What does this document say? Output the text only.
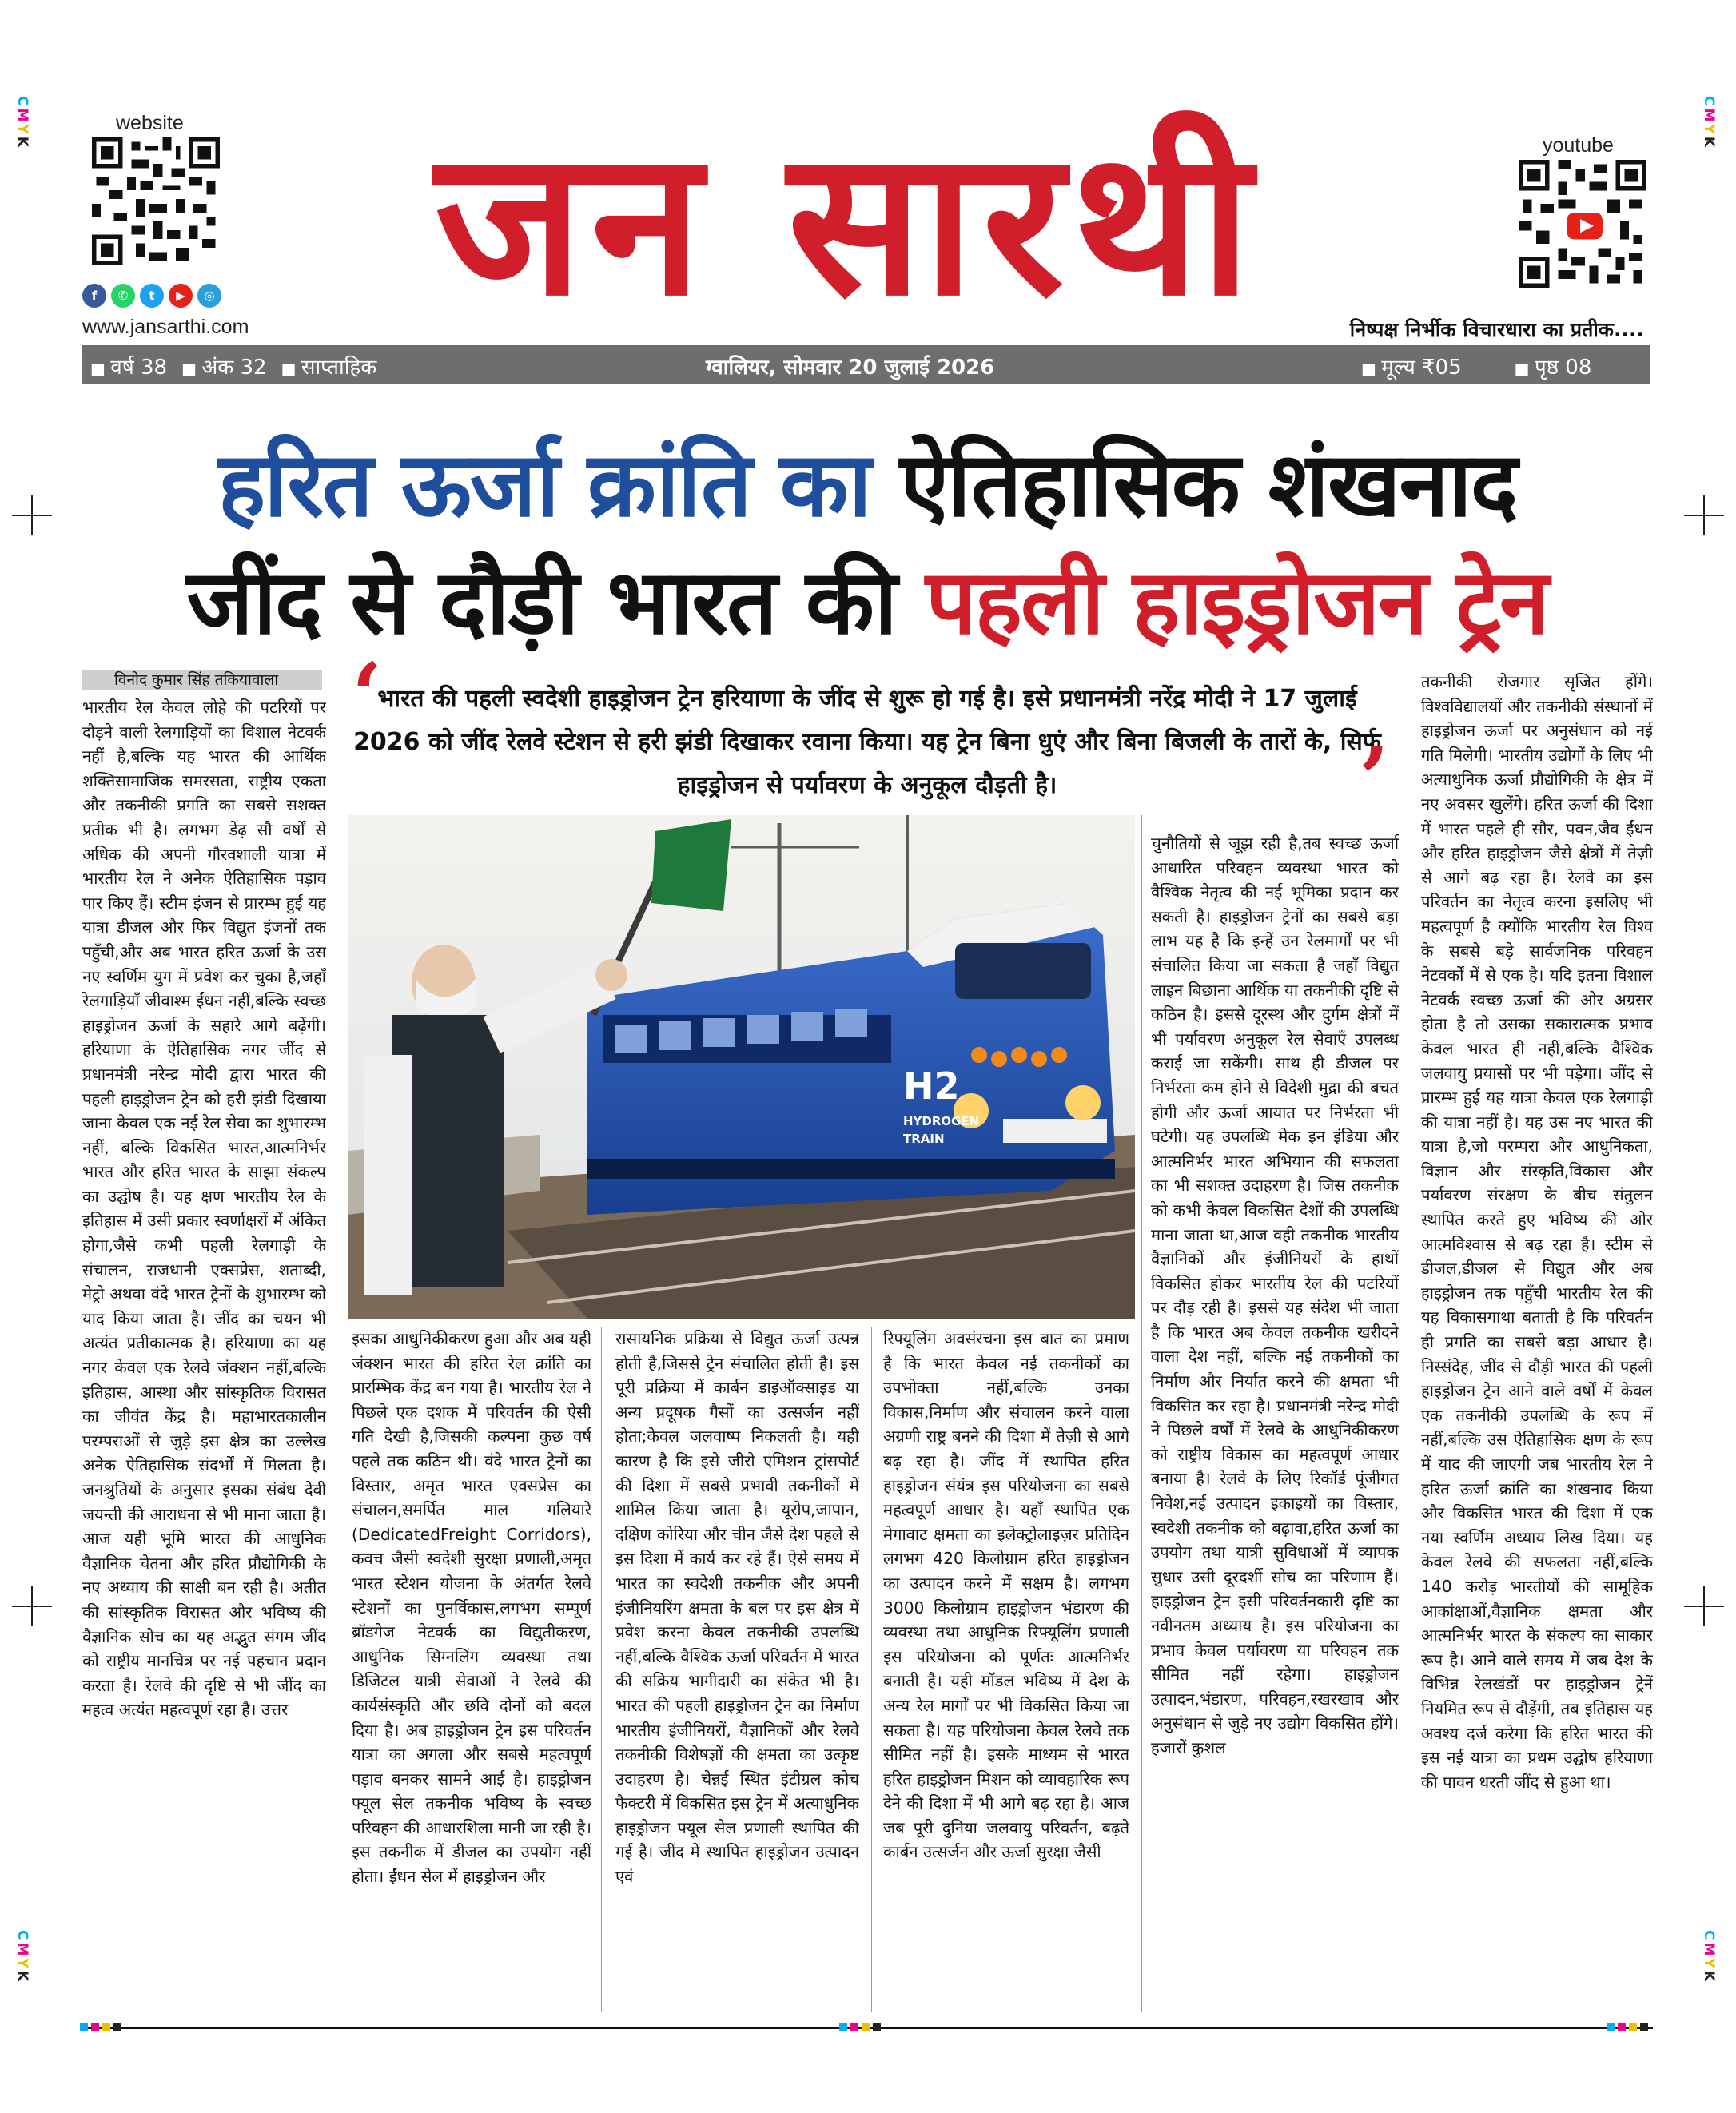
CMYK
CMYK
CMYK
CMYK
website
f	✆	t	▶	◎
www.jansarthi.com जन सारथी	youtube
निष्पक्ष निर्भीक विचारधारा का प्रतीक....
■ वर्ष 38	■ अंक 32	■ साप्ताहिक	ग्वालियर, सोमवार 20 जुलाई 2026	■ मूल्य ₹05	■ पृष्ठ 08
हरित ऊर्जा क्रांति का ऐतिहासिक शंखनाद
जींद से दौड़ी भारत की पहली हाइड्रोजन ट्रेन
विनोद कुमार सिंह तकियावाला ‘
भारत की पहली स्वदेशी हाइड्रोजन ट्रेन हरियाणा के जींद से शुरू हो गई है। इसे प्रधानमंत्री नरेंद्र मोदी ने 17 जुलाई 2026 को जींद रेलवे स्टेशन से हरी झंडी दिखाकर रवाना किया। यह ट्रेन बिना धुएं और बिना बिजली के तारों के, सिर्फ हाइड्रोजन से पर्यावरण के अनुकूल दौड़ती है।	’
भारतीय रेल केवल लोहे की पटरियों पर दौड़ने वाली रेलगाड़ियों का विशाल नेटवर्क नहीं है,बल्कि यह भारत की आर्थिक शक्तिसामाजिक समरसता, राष्ट्रीय एकता और तकनीकी प्रगति का सबसे सशक्त प्रतीक भी है। लगभग डेढ़ सौ वर्षों से अधिक की अपनी गौरवशाली यात्रा में भारतीय रेल ने अनेक ऐतिहासिक पड़ाव पार किए हैं। स्टीम इंजन से प्रारम्भ हुई यह यात्रा डीजल और फिर विद्युत इंजनों तक पहुँची,और अब भारत हरित ऊर्जा के उस नए स्वर्णिम युग में प्रवेश कर चुका है,जहाँ रेलगाड़ियाँ जीवाश्म ईंधन नहीं,बल्कि स्वच्छ हाइड्रोजन ऊर्जा के सहारे आगे बढ़ेंगी। हरियाणा के ऐतिहासिक नगर जींद से प्रधानमंत्री नरेन्द्र मोदी द्वारा भारत की पहली हाइड्रोजन ट्रेन को हरी झंडी दिखाया जाना केवल एक नई रेल सेवा का शुभारम्भ नहीं, बल्कि विकसित भारत,आत्मनिर्भर भारत और हरित भारत के साझा संकल्प का उद्घोष है। यह क्षण भारतीय रेल के इतिहास में उसी प्रकार स्वर्णाक्षरों में अंकित होगा,जैसे कभी पहली रेलगाड़ी के संचालन, राजधानी एक्सप्रेस, शताब्दी, मेट्रो अथवा वंदे भारत ट्रेनों के शुभारम्भ को याद किया जाता है। जींद का चयन भी अत्यंत प्रतीकात्मक है। हरियाणा का यह नगर केवल एक रेलवे जंक्शन नहीं,बल्कि इतिहास, आस्था और सांस्कृतिक विरासत का जीवंत केंद्र है। महाभारतकालीन परम्पराओं से जुड़े इस क्षेत्र का उल्लेख अनेक ऐतिहासिक संदर्भों में मिलता है। जनश्रुतियों के अनुसार इसका संबंध देवी जयन्ती की आराधना से भी माना जाता है। आज यही भूमि भारत की आधुनिक वैज्ञानिक चेतना और हरित प्रौद्योगिकी के नए अध्याय की साक्षी बन रही है। अतीत की सांस्कृतिक विरासत और भविष्य की वैज्ञानिक सोच का यह अद्भुत संगम जींद को राष्ट्रीय मानचित्र पर नई पहचान प्रदान करता है। रेलवे की दृष्टि से भी जींद का महत्व अत्यंत महत्वपूर्ण रहा है। उत्तर
H2
HYDROGEN
TRAIN
इसका आधुनिकीकरण हुआ और अब यही जंक्शन भारत की हरित रेल क्रांति का प्रारम्भिक केंद्र बन गया है। भारतीय रेल ने पिछले एक दशक में परिवर्तन की ऐसी गति देखी है,जिसकी कल्पना कुछ वर्ष पहले तक कठिन थी। वंदे भारत ट्रेनों का विस्तार, अमृत भारत एक्सप्रेस का संचालन,समर्पित माल गलियारे (DedicatedFreight Corridors), कवच जैसी स्वदेशी सुरक्षा प्रणाली,अमृत भारत स्टेशन योजना के अंतर्गत रेलवे स्टेशनों का पुनर्विकास,लगभग सम्पूर्ण ब्रॉडगेज नेटवर्क का विद्युतीकरण, आधुनिक सिग्नलिंग व्यवस्था तथा डिजिटल यात्री सेवाओं ने रेलवे की कार्यसंस्कृति और छवि दोनों को बदल दिया है। अब हाइड्रोजन ट्रेन इस परिवर्तन यात्रा का अगला और सबसे महत्वपूर्ण पड़ाव बनकर सामने आई है। हाइड्रोजन फ्यूल सेल तकनीक भविष्य के स्वच्छ परिवहन की आधारशिला मानी जा रही है। इस तकनीक में डीजल का उपयोग नहीं होता। ईंधन सेल में हाइड्रोजन और
रासायनिक प्रक्रिया से विद्युत ऊर्जा उत्पन्न होती है,जिससे ट्रेन संचालित होती है। इस पूरी प्रक्रिया में कार्बन डाइऑक्साइड या अन्य प्रदूषक गैसों का उत्सर्जन नहीं होता;केवल जलवाष्प निकलती है। यही कारण है कि इसे जीरो एमिशन ट्रांसपोर्ट की दिशा में सबसे प्रभावी तकनीकों में शामिल किया जाता है। यूरोप,जापान, दक्षिण कोरिया और चीन जैसे देश पहले से इस दिशा में कार्य कर रहे हैं। ऐसे समय में भारत का स्वदेशी तकनीक और अपनी इंजीनियरिंग क्षमता के बल पर इस क्षेत्र में प्रवेश करना केवल तकनीकी उपलब्धि नहीं,बल्कि वैश्विक ऊर्जा परिवर्तन में भारत की सक्रिय भागीदारी का संकेत भी है। भारत की पहली हाइड्रोजन ट्रेन का निर्माण भारतीय इंजीनियरों, वैज्ञानिकों और रेलवे तकनीकी विशेषज्ञों की क्षमता का उत्कृष्ट उदाहरण है। चेन्नई स्थित इंटीग्रल कोच फैक्टरी में विकसित इस ट्रेन में अत्याधुनिक हाइड्रोजन फ्यूल सेल प्रणाली स्थापित की गई है। जींद में स्थापित हाइड्रोजन उत्पादन एवं
रिफ्यूलिंग अवसंरचना इस बात का प्रमाण है कि भारत केवल नई तकनीकों का उपभोक्ता नहीं,बल्कि उनका विकास,निर्माण और संचालन करने वाला अग्रणी राष्ट्र बनने की दिशा में तेज़ी से आगे बढ़ रहा है। जींद में स्थापित हरित हाइड्रोजन संयंत्र इस परियोजना का सबसे महत्वपूर्ण आधार है। यहाँ स्थापित एक मेगावाट क्षमता का इलेक्ट्रोलाइज़र प्रतिदिन लगभग 420 किलोग्राम हरित हाइड्रोजन का उत्पादन करने में सक्षम है। लगभग 3000 किलोग्राम हाइड्रोजन भंडारण की व्यवस्था तथा आधुनिक रिफ्यूलिंग प्रणाली इस परियोजना को पूर्णतः आत्मनिर्भर बनाती है। यही मॉडल भविष्य में देश के अन्य रेल मार्गों पर भी विकसित किया जा सकता है। यह परियोजना केवल रेलवे तक सीमित नहीं है। इसके माध्यम से भारत हरित हाइड्रोजन मिशन को व्यावहारिक रूप देने की दिशा में भी आगे बढ़ रहा है। आज जब पूरी दुनिया जलवायु परिवर्तन, बढ़ते कार्बन उत्सर्जन और ऊर्जा सुरक्षा जैसी
चुनौतियों से जूझ रही है,तब स्वच्छ ऊर्जा आधारित परिवहन व्यवस्था भारत को वैश्विक नेतृत्व की नई भूमिका प्रदान कर सकती है। हाइड्रोजन ट्रेनों का सबसे बड़ा लाभ यह है कि इन्हें उन रेलमार्गों पर भी संचालित किया जा सकता है जहाँ विद्युत लाइन बिछाना आर्थिक या तकनीकी दृष्टि से कठिन है। इससे दूरस्थ और दुर्गम क्षेत्रों में भी पर्यावरण अनुकूल रेल सेवाएँ उपलब्ध कराई जा सकेंगी। साथ ही डीजल पर निर्भरता कम होने से विदेशी मुद्रा की बचत होगी और ऊर्जा आयात पर निर्भरता भी घटेगी। यह उपलब्धि मेक इन इंडिया और आत्मनिर्भर भारत अभियान की सफलता का भी सशक्त उदाहरण है। जिस तकनीक को कभी केवल विकसित देशों की उपलब्धि माना जाता था,आज वही तकनीक भारतीय वैज्ञानिकों और इंजीनियरों के हाथों विकसित होकर भारतीय रेल की पटरियों पर दौड़ रही है। इससे यह संदेश भी जाता है कि भारत अब केवल तकनीक खरीदने वाला देश नहीं, बल्कि नई तकनीकों का निर्माण और निर्यात करने की क्षमता भी विकसित कर रहा है। प्रधानमंत्री नरेन्द्र मोदी ने पिछले वर्षों में रेलवे के आधुनिकीकरण को राष्ट्रीय विकास का महत्वपूर्ण आधार बनाया है। रेलवे के लिए रिकॉर्ड पूंजीगत निवेश,नई उत्पादन इकाइयों का विस्तार, स्वदेशी तकनीक को बढ़ावा,हरित ऊर्जा का उपयोग तथा यात्री सुविधाओं में व्यापक सुधार उसी दूरदर्शी सोच का परिणाम हैं। हाइड्रोजन ट्रेन इसी परिवर्तनकारी दृष्टि का नवीनतम अध्याय है। इस परियोजना का प्रभाव केवल पर्यावरण या परिवहन तक सीमित नहीं रहेगा। हाइड्रोजन उत्पादन,भंडारण, परिवहन,रखरखाव और अनुसंधान से जुड़े नए उद्योग विकसित होंगे। हजारों कुशल
तकनीकी रोजगार सृजित होंगे। विश्वविद्यालयों और तकनीकी संस्थानों में हाइड्रोजन ऊर्जा पर अनुसंधान को नई गति मिलेगी। भारतीय उद्योगों के लिए भी अत्याधुनिक ऊर्जा प्रौद्योगिकी के क्षेत्र में नए अवसर खुलेंगे। हरित ऊर्जा की दिशा में भारत पहले ही सौर, पवन,जैव ईंधन और हरित हाइड्रोजन जैसे क्षेत्रों में तेज़ी से आगे बढ़ रहा है। रेलवे का इस परिवर्तन का नेतृत्व करना इसलिए भी महत्वपूर्ण है क्योंकि भारतीय रेल विश्व के सबसे बड़े सार्वजनिक परिवहन नेटवर्कों में से एक है। यदि इतना विशाल नेटवर्क स्वच्छ ऊर्जा की ओर अग्रसर होता है तो उसका सकारात्मक प्रभाव केवल भारत ही नहीं,बल्कि वैश्विक जलवायु प्रयासों पर भी पड़ेगा। जींद से प्रारम्भ हुई यह यात्रा केवल एक रेलगाड़ी की यात्रा नहीं है। यह उस नए भारत की यात्रा है,जो परम्परा और आधुनिकता, विज्ञान और संस्कृति,विकास और पर्यावरण संरक्षण के बीच संतुलन स्थापित करते हुए भविष्य की ओर आत्मविश्वास से बढ़ रहा है। स्टीम से डीजल,डीजल से विद्युत और अब हाइड्रोजन तक पहुँची भारतीय रेल की यह विकासगाथा बताती है कि परिवर्तन ही प्रगति का सबसे बड़ा आधार है। निस्संदेह, जींद से दौड़ी भारत की पहली हाइड्रोजन ट्रेन आने वाले वर्षों में केवल एक तकनीकी उपलब्धि के रूप में नहीं,बल्कि उस ऐतिहासिक क्षण के रूप में याद की जाएगी जब भारतीय रेल ने हरित ऊर्जा क्रांति का शंखनाद किया और विकसित भारत की दिशा में एक नया स्वर्णिम अध्याय लिख दिया। यह केवल रेलवे की सफलता नहीं,बल्कि 140 करोड़ भारतीयों की सामूहिक आकांक्षाओं,वैज्ञानिक क्षमता और आत्मनिर्भर भारत के संकल्प का साकार रूप है। आने वाले समय में जब देश के विभिन्न रेलखंडों पर हाइड्रोजन ट्रेनें नियमित रूप से दौड़ेंगी, तब इतिहास यह अवश्य दर्ज करेगा कि हरित भारत की इस नई यात्रा का प्रथम उद्घोष हरियाणा की पावन धरती जींद से हुआ था।
